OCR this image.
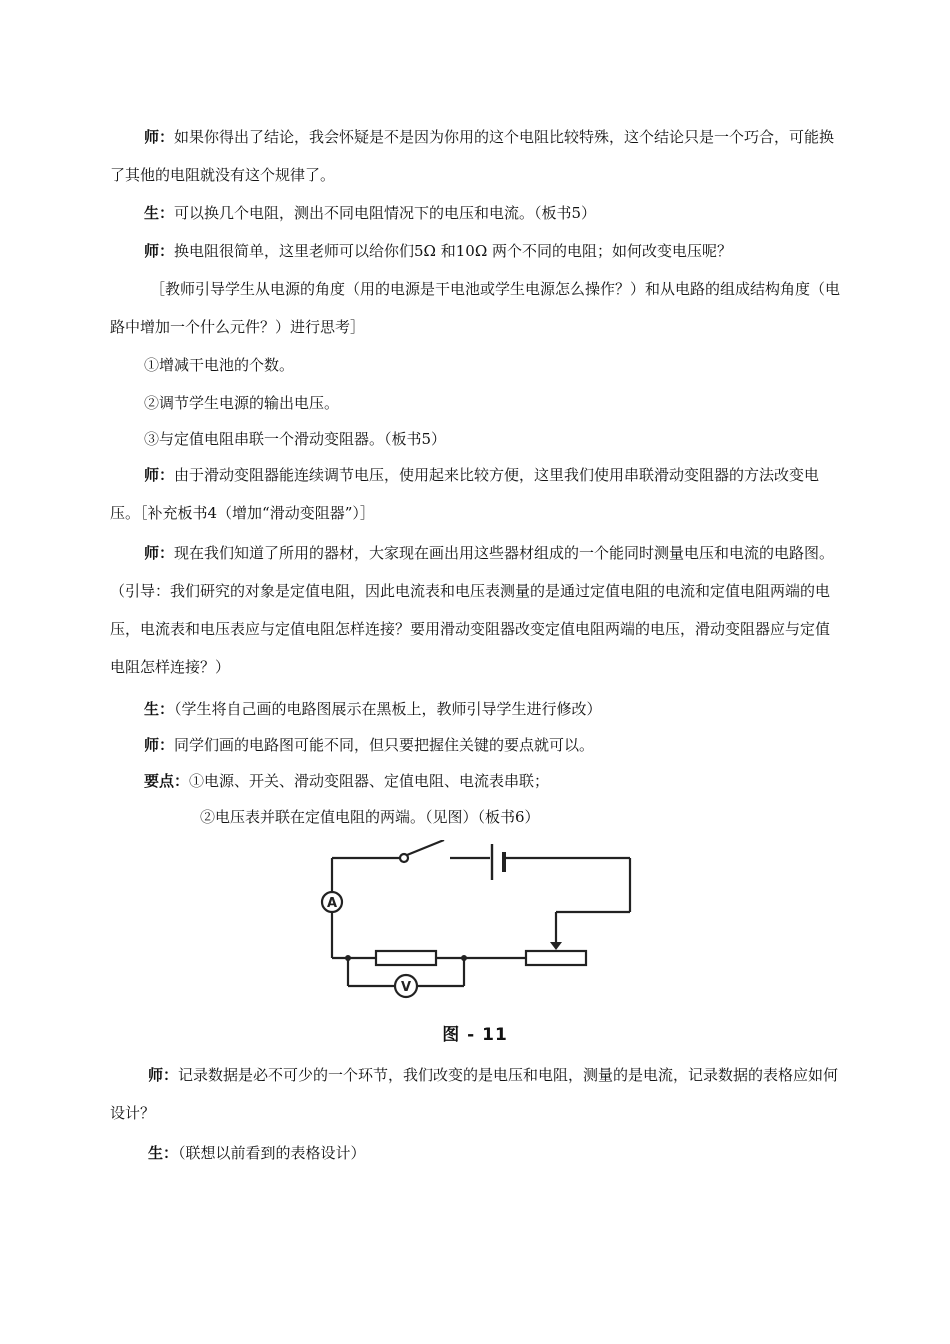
师：如果你得出了结论，我会怀疑是不是因为你用的这个电阻比较特殊，这个结论只是一个巧合，可能换了其他的电阻就没有这个规律了。

生：可以换几个电阻，测出不同电阻情况下的电压和电流。（板书5）

师：换电阻很简单，这里老师可以给你们5Ω 和10Ω 两个不同的电阻；如何改变电压呢？

［教师引导学生从电源的角度（用的电源是干电池或学生电源怎么操作？）和从电路的组成结构角度（电路中增加一个什么元件？）进行思考］

①增减干电池的个数。

②调节学生电源的输出电压。

③与定值电阻串联一个滑动变阻器。（板书5）

师：由于滑动变阻器能连续调节电压，使用起来比较方便，这里我们使用串联滑动变阻器的方法改变电压。［补充板书4（增加“滑动变阻器”）］

师：现在我们知道了所用的器材，大家现在画出用这些器材组成的一个能同时测量电压和电流的电路图。（引导：我们研究的对象是定值电阻，因此电流表和电压表测量的是通过定值电阻的电流和定值电阻两端的电压，电流表和电压表应与定值电阻怎样连接？要用滑动变阻器改变定值电阻两端的电压，滑动变阻器应与定值电阻怎样连接？）

生：（学生将自己画的电路图展示在黑板上，教师引导学生进行修改）

师：同学们画的电路图可能不同，但只要把握住关键的要点就可以。

要点：①电源、开关、滑动变阻器、定值电阻、电流表串联；

②电压表并联在定值电阻的两端。（见图）（板书6）

A
V
图 - 11

师：记录数据是必不可少的一个环节，我们改变的是电压和电阻，测量的是电流，记录数据的表格应如何设计？

生：（联想以前看到的表格设计）
